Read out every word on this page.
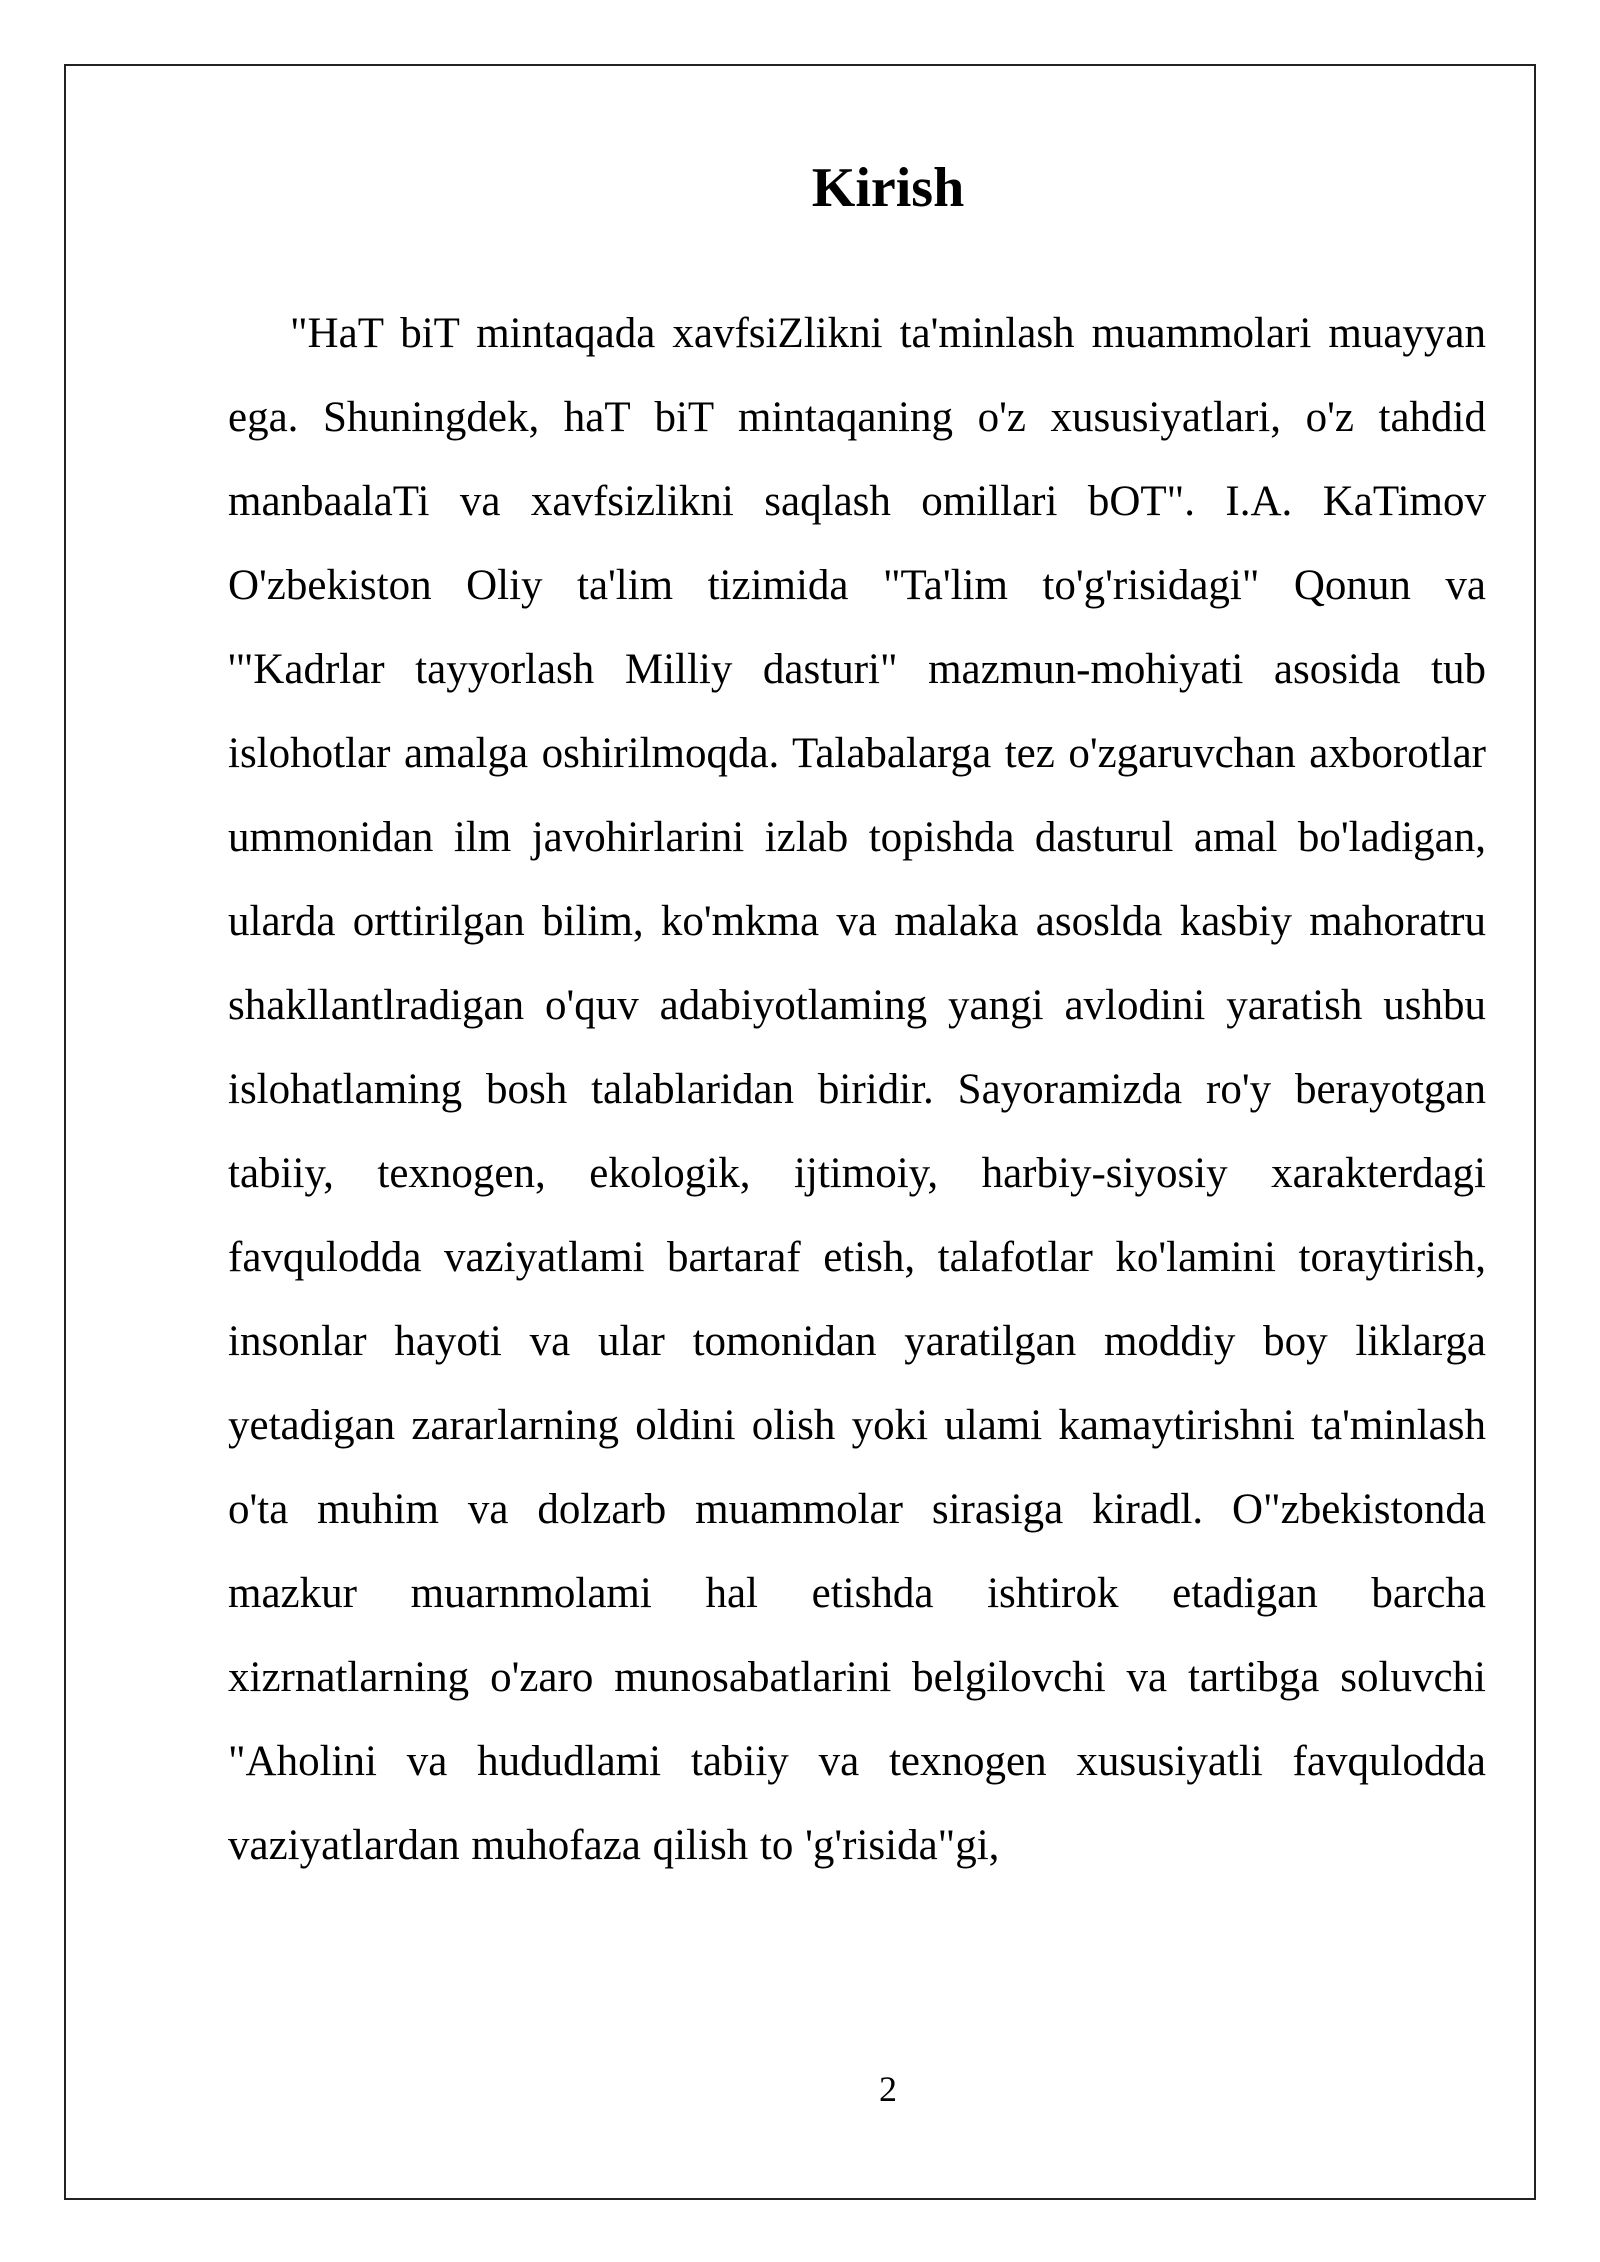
Kirish

"HaT biT mintaqada xavfsiZlikni ta'minlash muammolari muayyan ega. Shuningdek, haT biT mintaqaning o'z xususiyatlari, o'z tahdid manbaalaTi va xavfsizlikni saqlash omillari bOT". I.A. KaTimov O'zbekiston Oliy ta'lim tizimida "Ta'lim to'g'risidagi" Qonun va '"Kadrlar tayyorlash Milliy dasturi" mazmun-mohiyati asosida tub islohotlar amalga oshirilmoqda. Talabalarga tez o'zgaruvchan axborotlar ummonidan ilm javohirlarini izlab topishda dasturul amal bo'ladigan, ularda orttirilgan bilim, ko'mkma va malaka asoslda kasbiy mahoratru shakllantlradigan o'quv adabiyotlaming yangi avlodini yaratish ushbu islohatlaming bosh talablaridan biridir. Sayoramizda ro'y berayotgan tabiiy, texnogen, ekologik, ijtimoiy, harbiy-siyosiy xarakterdagi favqulodda vaziyatlami bartaraf etish, talafotlar ko'lamini toraytirish, insonlar hayoti va ular tomonidan yaratilgan moddiy boy liklarga yetadigan zararlarning oldini olish yoki ulami kamaytirishni ta'minlash o'ta muhim va dolzarb muammolar sirasiga kiradl. O"zbekistonda mazkur muarnmolami hal etishda ishtirok etadigan barcha xizrnatlarning o'zaro munosabatlarini belgilovchi va tartibga soluvchi "Aholini va hududlami tabiiy va texnogen xususiyatli favqulodda vaziyatlardan muhofaza qilish to 'g'risida"gi,

2
